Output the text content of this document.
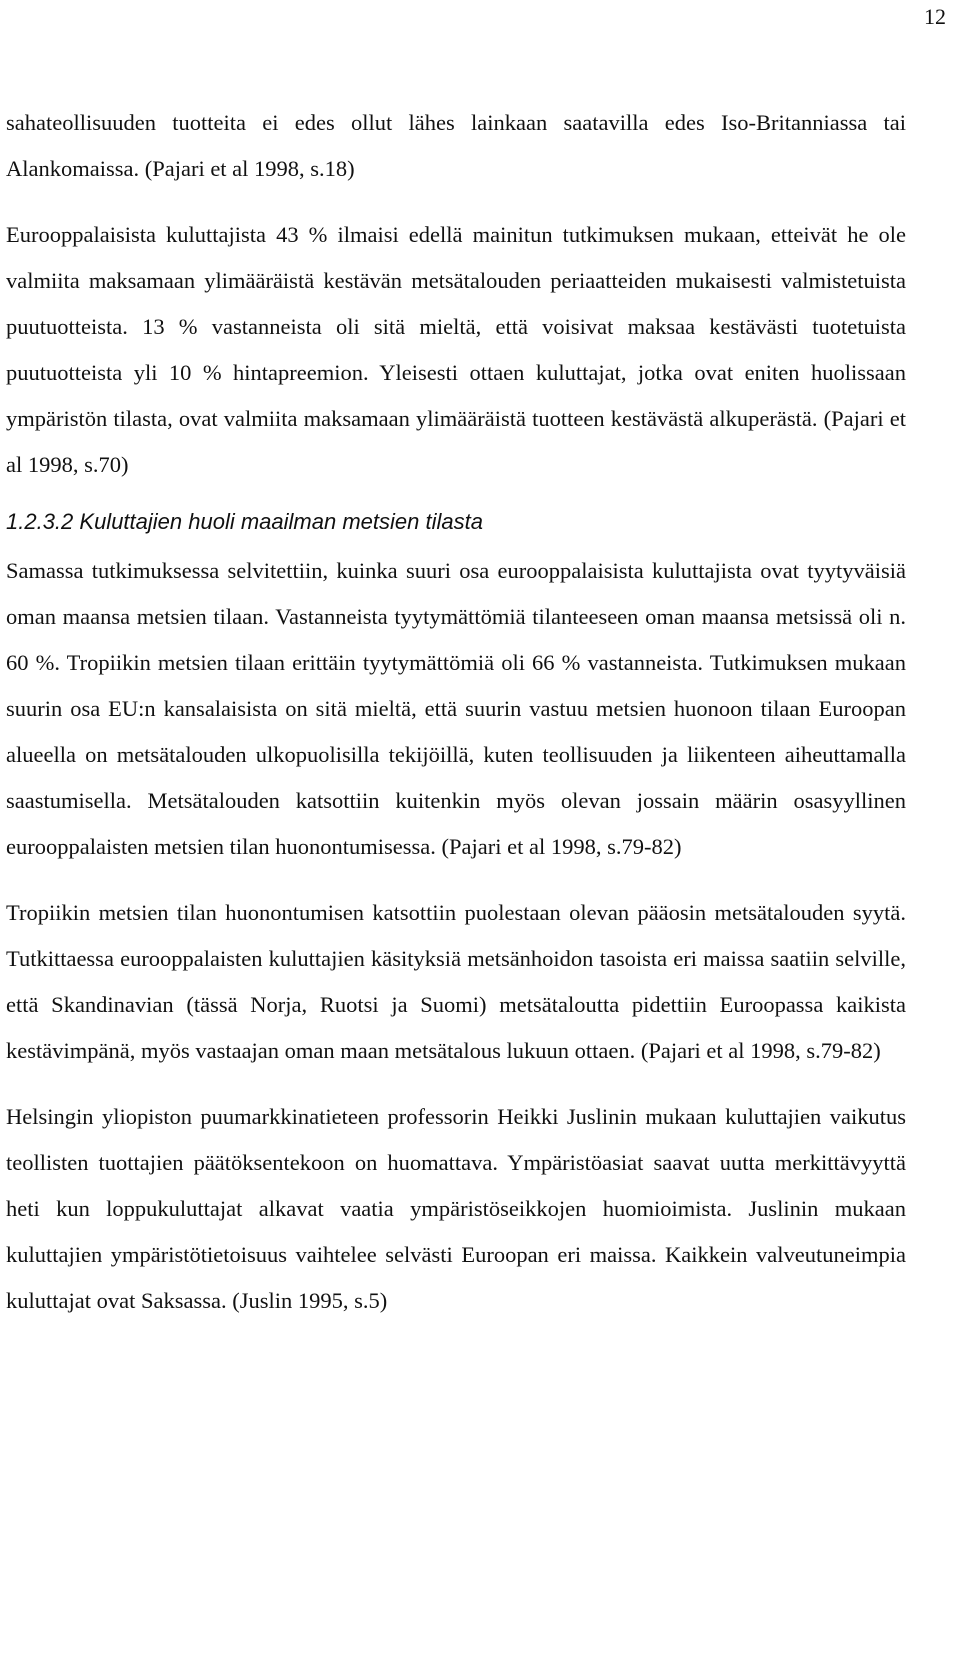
12

sahateollisuuden tuotteita ei edes ollut lähes lainkaan saatavilla edes Iso-Britanniassa tai Alankomaissa. (Pajari et al 1998, s.18)

Eurooppalaisista kuluttajista 43 % ilmaisi edellä mainitun tutkimuksen mukaan, etteivät he ole valmiita maksamaan ylimääräistä kestävän metsätalouden periaatteiden mukaisesti valmistetuista puutuotteista. 13 % vastanneista oli sitä mieltä, että voisivat maksaa kestävästi tuotetuista puutuotteista yli 10 % hintapreemion. Yleisesti ottaen kuluttajat, jotka ovat eniten huolissaan ympäristön tilasta, ovat valmiita maksamaan ylimääräistä tuotteen kestävästä alkuperästä. (Pajari et al 1998, s.70)

1.2.3.2 Kuluttajien huoli maailman metsien tilasta

Samassa tutkimuksessa selvitettiin, kuinka suuri osa eurooppalaisista kuluttajista ovat tyytyväisiä oman maansa metsien tilaan. Vastanneista tyytymättömiä tilanteeseen oman maansa metsissä oli n. 60 %. Tropiikin metsien tilaan erittäin tyytymättömiä oli 66 % vastanneista. Tutkimuksen mukaan suurin osa EU:n kansalaisista on sitä mieltä, että suurin vastuu metsien huonoon tilaan Euroopan alueella on metsätalouden ulkopuolisilla tekijöillä, kuten teollisuuden ja liikenteen aiheuttamalla saastumisella. Metsätalouden katsottiin kuitenkin myös olevan jossain määrin osasyyllinen eurooppalaisten metsien tilan huonontumisessa. (Pajari et al 1998, s.79-82)

Tropiikin metsien tilan huonontumisen katsottiin puolestaan olevan pääosin metsätalouden syytä. Tutkittaessa eurooppalaisten kuluttajien käsityksiä metsänhoidon tasoista eri maissa saatiin selville, että Skandinavian (tässä Norja, Ruotsi ja Suomi) metsätaloutta pidettiin Euroopassa kaikista kestävimpänä, myös vastaajan oman maan metsätalous lukuun ottaen. (Pajari et al 1998, s.79-82)

Helsingin yliopiston puumarkkinatieteen professorin Heikki Juslinin mukaan kuluttajien vaikutus teollisten tuottajien päätöksentekoon on huomattava. Ympäristöasiat saavat uutta merkittävyyttä heti kun loppukuluttajat alkavat vaatia ympäristöseikkojen huomioimista. Juslinin mukaan kuluttajien ympäristötietoisuus vaihtelee selvästi Euroopan eri maissa. Kaikkein valveutuneimpia kuluttajat ovat Saksassa. (Juslin 1995, s.5)
